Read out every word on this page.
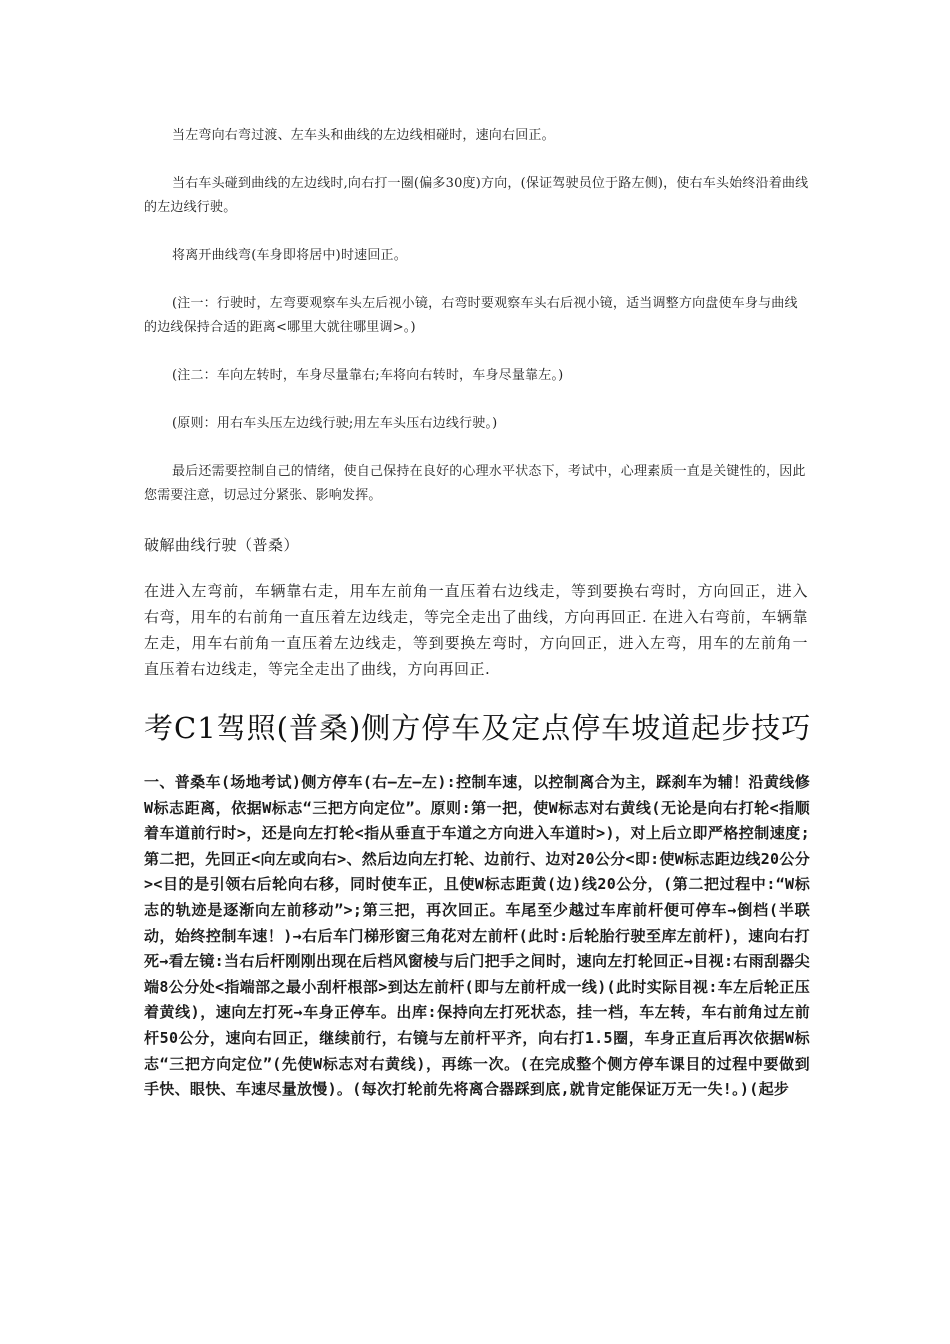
当左弯向右弯过渡、左车头和曲线的左边线相碰时，速向右回正。

当右车头碰到曲线的左边线时,向右打一圈(偏多30度)方向，(保证驾驶员位于路左侧)，使右车头始终沿着曲线的左边线行驶。

将离开曲线弯(车身即将居中)时速回正。

(注一：行驶时，左弯要观察车头左后视小镜，右弯时要观察车头右后视小镜，适当调整方向盘使车身与曲线的边线保持合适的距离<哪里大就往哪里调>。)

(注二：车向左转时，车身尽量靠右;车将向右转时，车身尽量靠左。)

(原则：用右车头压左边线行驶;用左车头压右边线行驶。)

最后还需要控制自己的情绪，使自己保持在良好的心理水平状态下，考试中，心理素质一直是关键性的，因此您需要注意，切忌过分紧张、影响发挥。

破解曲线行驶（普桑）

在进入左弯前，车辆靠右走，用车左前角一直压着右边线走，等到要换右弯时，方向回正，进入右弯，用车的右前角一直压着左边线走，等完全走出了曲线，方向再回正. 在进入右弯前，车辆靠左走，用车右前角一直压着左边线走，等到要换左弯时，方向回正，进入左弯，用车的左前角一直压着右边线走，等完全走出了曲线，方向再回正.

考C1驾照(普桑)侧方停车及定点停车坡道起步技巧

一、普桑车(场地考试)侧方停车(右—左—左):控制车速，以控制离合为主，踩刹车为辅！沿黄线修W标志距离，依据W标志“三把方向定位”。原则:第一把，使W标志对右黄线(无论是向右打轮<指顺着车道前行时>，还是向左打轮<指从垂直于车道之方向进入车道时>)，对上后立即严格控制速度;第二把，先回正<向左或向右>、然后边向左打轮、边前行、边对20公分<即:使W标志距边线20公分><目的是引领右后轮向右移，同时使车正，且使W标志距黄(边)线20公分，(第二把过程中:“W标志的轨迹是逐渐向左前移动”>;第三把，再次回正。车尾至少越过车库前杆便可停车→倒档(半联动，始终控制车速！)→右后车门梯形窗三角花对左前杆(此时:后轮胎行驶至库左前杆)，速向右打死→看左镜:当右后杆刚刚出现在后档风窗棱与后门把手之间时，速向左打轮回正→目视:右雨刮器尖端8公分处<指端部之最小刮杆根部>到达左前杆(即与左前杆成一线)(此时实际目视:车左后轮正压着黄线)，速向左打死→车身正停车。出库:保持向左打死状态，挂一档，车左转，车右前角过左前杆50公分，速向右回正，继续前行，右镜与左前杆平齐，向右打1.5圈，车身正直后再次依据W标志“三把方向定位”(先使W标志对右黄线)，再练一次。(在完成整个侧方停车课目的过程中要做到手快、眼快、车速尽量放慢)。(每次打轮前先将离合器踩到底,就肯定能保证万无一失!。)(起步
